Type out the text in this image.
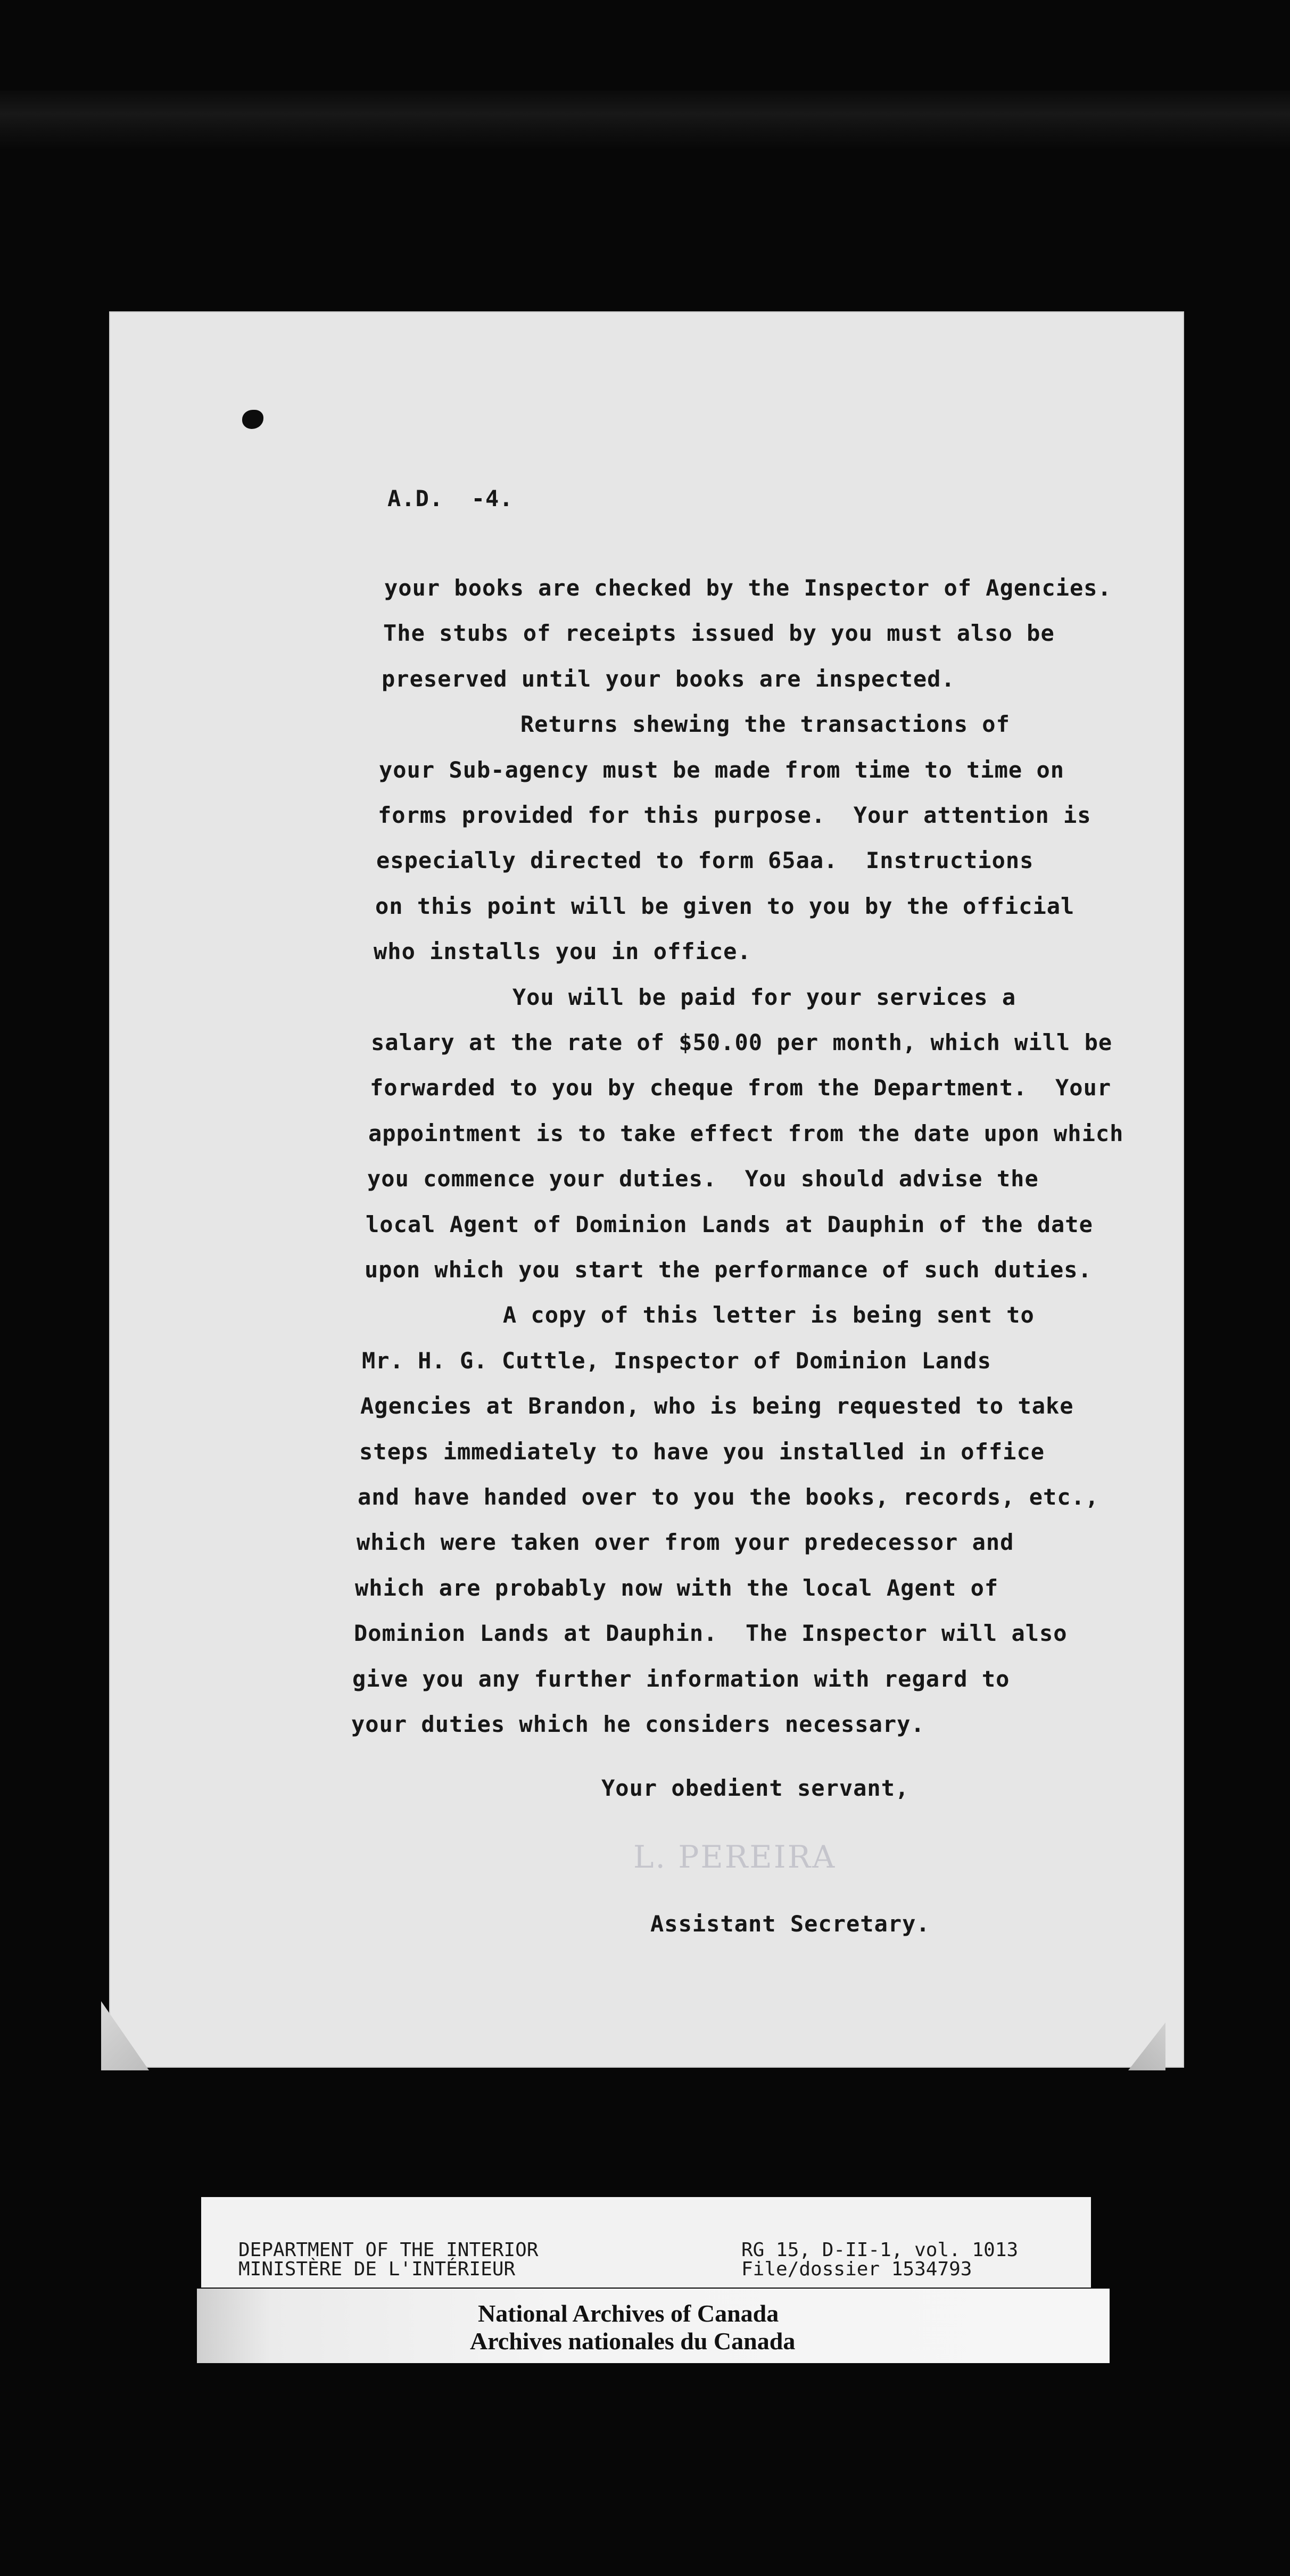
A.D.  -4.
your books are checked by the Inspector of Agencies.
The stubs of receipts issued by you must also be
preserved until your books are inspected.
Returns shewing the transactions of
your Sub-agency must be made from time to time on
forms provided for this purpose.  Your attention is
especially directed to form 65aa.  Instructions
on this point will be given to you by the official
who installs you in office.
You will be paid for your services a
salary at the rate of $50.00 per month, which will be
forwarded to you by cheque from the Department.  Your
appointment is to take effect from the date upon which
you commence your duties.  You should advise the
local Agent of Dominion Lands at Dauphin of the date
upon which you start the performance of such duties.
A copy of this letter is being sent to
Mr. H. G. Cuttle, Inspector of Dominion Lands
Agencies at Brandon, who is being requested to take
steps immediately to have you installed in office
and have handed over to you the books, records, etc.,
which were taken over from your predecessor and
which are probably now with the local Agent of
Dominion Lands at Dauphin.  The Inspector will also
give you any further information with regard to
your duties which he considers necessary.
Your obedient servant,
L. PEREIRA
Assistant Secretary.
DEPARTMENT OF THE INTERIOR
MINISTÈRE DE L'INTÉRIEUR
RG 15, D-II-1, vol. 1013
File/dossier 1534793
National Archives of Canada
Archives nationales du Canada
